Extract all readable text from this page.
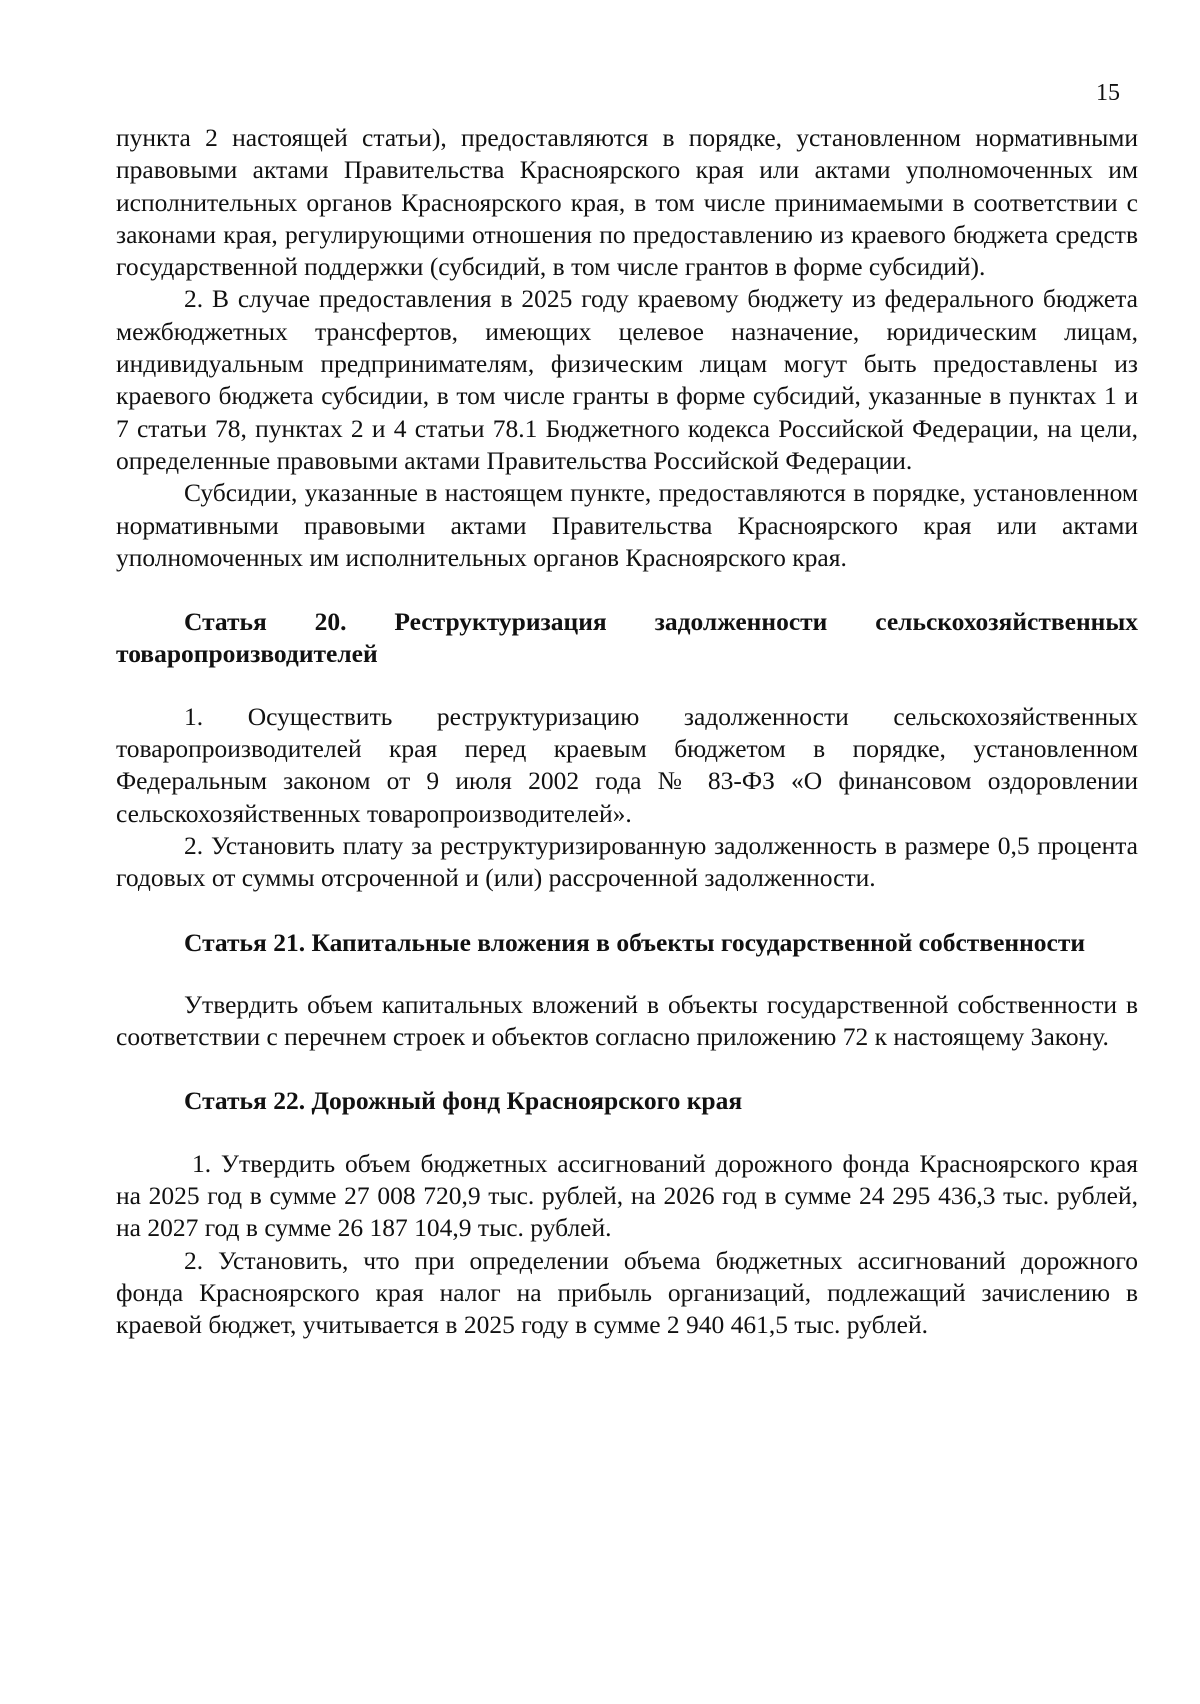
15

пункта 2 настоящей статьи), предоставляются в порядке, установленном нормативными правовыми актами Правительства Красноярского края или актами уполномоченных им исполнительных органов Красноярского края, в том числе принимаемыми в соответствии с законами края, регулирующими отношения по предоставлению из краевого бюджета средств государственной поддержки (субсидий, в том числе грантов в форме субсидий).

2. В случае предоставления в 2025 году краевому бюджету из федерального бюджета межбюджетных трансфертов, имеющих целевое назначение, юридическим лицам, индивидуальным предпринимателям, физическим лицам могут быть предоставлены из краевого бюджета субсидии, в том числе гранты в форме субсидий, указанные в пунктах 1 и 7 статьи 78, пунктах 2 и 4 статьи 78.1 Бюджетного кодекса Российской Федерации, на цели, определенные правовыми актами Правительства Российской Федерации.

Субсидии, указанные в настоящем пункте, предоставляются в порядке, установленном нормативными правовыми актами Правительства Красноярского края или актами уполномоченных им исполнительных органов Красноярского края.

Статья 20. Реструктуризация задолженности сельскохозяйственных товаропроизводителей

1. Осуществить реструктуризацию задолженности сельскохозяйственных товаропроизводителей края перед краевым бюджетом в порядке, установленном Федеральным законом от 9 июля 2002 года № 83-ФЗ «О финансовом оздоровлении сельскохозяйственных товаропроизводителей».

2. Установить плату за реструктуризированную задолженность в размере 0,5 процента годовых от суммы отсроченной и (или) рассроченной задолженности.

Статья 21. Капитальные вложения в объекты государственной собственности

Утвердить объем капитальных вложений в объекты государственной собственности в соответствии с перечнем строек и объектов согласно приложению 72 к настоящему Закону.

Статья 22. Дорожный фонд Красноярского края

1. Утвердить объем бюджетных ассигнований дорожного фонда Красноярского края на 2025 год в сумме 27 008 720,9 тыс. рублей, на 2026 год в сумме 24 295 436,3 тыс. рублей, на 2027 год в сумме 26 187 104,9 тыс. рублей.

2. Установить, что при определении объема бюджетных ассигнований дорожного фонда Красноярского края налог на прибыль организаций, подлежащий зачислению в краевой бюджет, учитывается в 2025 году в сумме 2 940 461,5 тыс. рублей.
